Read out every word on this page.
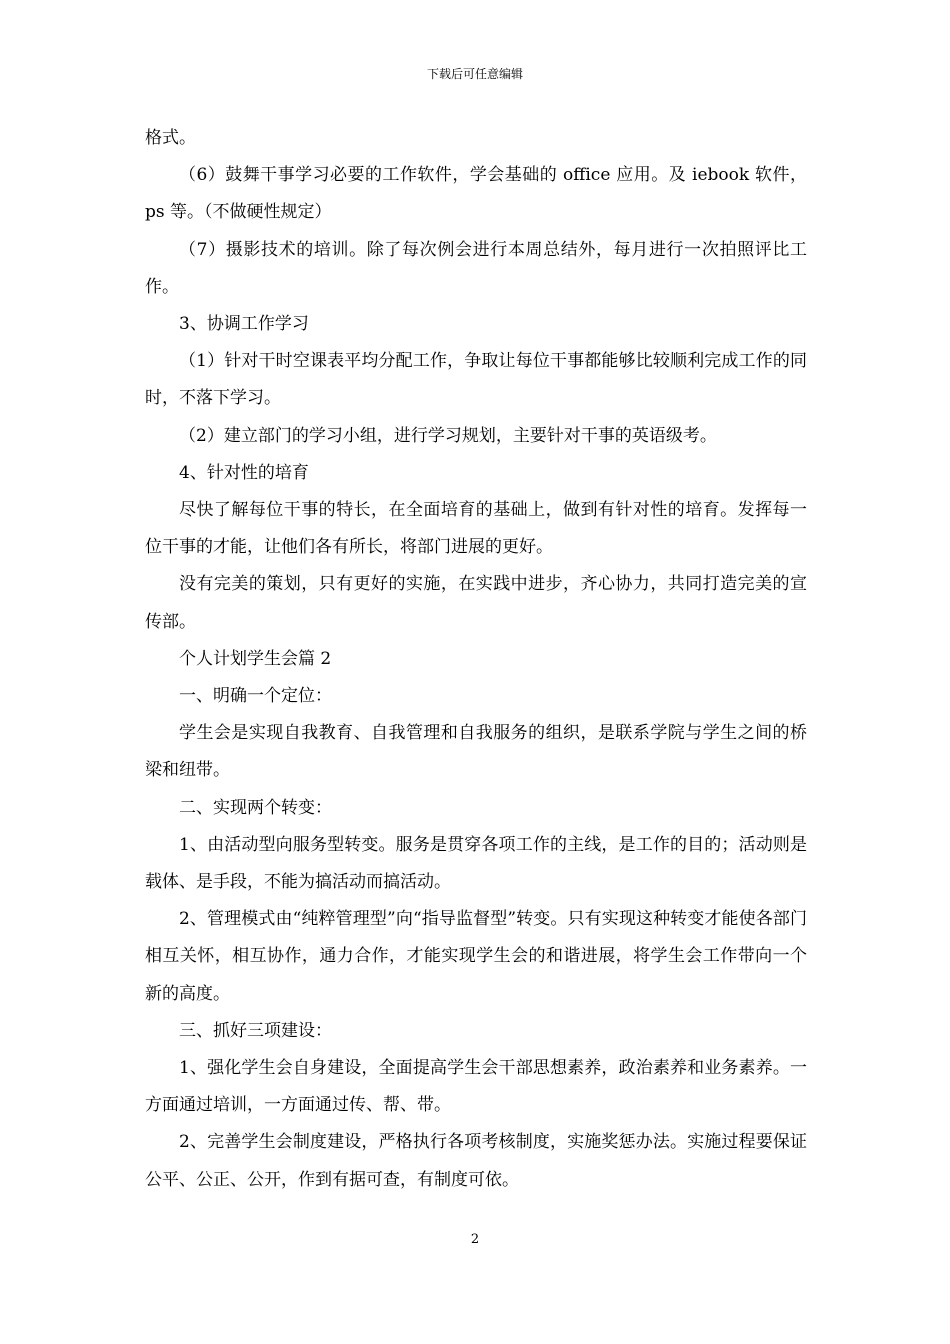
下载后可任意编辑

格式。

（6）鼓舞干事学习必要的工作软件，学会基础的 office 应用。及 iebook 软件，ps 等。（不做硬性规定）

（7）摄影技术的培训。除了每次例会进行本周总结外，每月进行一次拍照评比工作。

3、协调工作学习

（1）针对干时空课表平均分配工作，争取让每位干事都能够比较顺利完成工作的同时，不落下学习。

（2）建立部门的学习小组，进行学习规划，主要针对干事的英语级考。

4、针对性的培育

尽快了解每位干事的特长，在全面培育的基础上，做到有针对性的培育。发挥每一位干事的才能，让他们各有所长，将部门进展的更好。

没有完美的策划，只有更好的实施，在实践中进步，齐心协力，共同打造完美的宣传部。

个人计划学生会篇 2

一、明确一个定位：

学生会是实现自我教育、自我管理和自我服务的组织，是联系学院与学生之间的桥梁和纽带。

二、实现两个转变：

1、由活动型向服务型转变。服务是贯穿各项工作的主线，是工作的目的；活动则是载体、是手段，不能为搞活动而搞活动。

2、管理模式由“纯粹管理型”向“指导监督型”转变。只有实现这种转变才能使各部门相互关怀，相互协作，通力合作，才能实现学生会的和谐进展，将学生会工作带向一个新的高度。

三、抓好三项建设：

1、强化学生会自身建设，全面提高学生会干部思想素养，政治素养和业务素养。一方面通过培训，一方面通过传、帮、带。

2、完善学生会制度建设，严格执行各项考核制度，实施奖惩办法。实施过程要保证公平、公正、公开，作到有据可查，有制度可依。

2
